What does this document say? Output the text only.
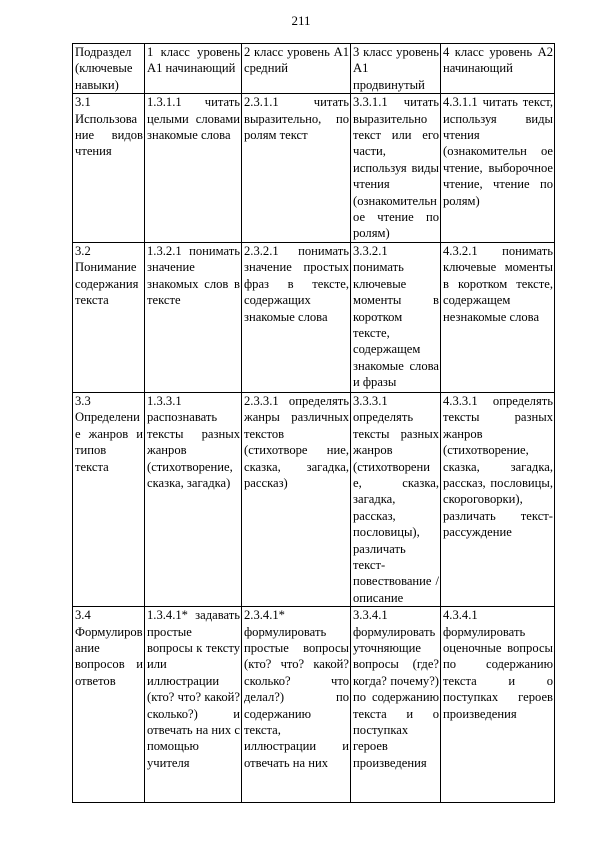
211
Подраздел (ключевые навыки)	1 класс уровень А1 начинающий	2 класс уровень А1 средний	3 класс уровень А1 продвинутый	4 класс уровень А2 начинающий
3.1 Использование видов чтения	1.3.1.1 читать целыми словами знакомые слова	2.3.1.1 читать выразительно, по ролям текст	3.3.1.1 читать выразительно текст или его части, используя виды чтения (ознакомительн ое чтение по ролям)	4.3.1.1 читать текст, используя виды чтения (ознакомительн ое чтение, выборочное чтение, чтение по ролям)
3.2 Понимание содержания текста	1.3.2.1 понимать значение знакомых слов в тексте	2.3.2.1 понимать значение простых фраз в тексте, содержащих знакомые слова	3.3.2.1 понимать ключевые моменты в коротком тексте, содержащем знакомые слова и фразы	4.3.2.1 понимать ключевые моменты в коротком тексте, содержащем незнакомые слова
3.3 Определение жанров и типов текста	1.3.3.1 распознавать тексты разных жанров (стихотворение, сказка, загадка)	2.3.3.1 определять жанры различных текстов (стихотворе ние, сказка, загадка, рассказ)	3.3.3.1 определять тексты разных жанров (стихотворени е, сказка, загадка, рассказ, пословицы), различать текст-повествование / описание	4.3.3.1 определять тексты разных жанров (стихотворение, сказка, загадка, рассказ, пословицы, скороговорки), различать текст-рассуждение
3.4 Формулирование вопросов и ответов	1.3.4.1* задавать простые вопросы к тексту или иллюстрации (кто? что? какой? сколько?) и отвечать на них с помощью учителя	2.3.4.1* формулировать простые вопросы (кто? что? какой? сколько? что делал?) по содержанию текста, иллюстрации и отвечать на них	3.3.4.1 формулировать уточняющие вопросы (где? когда? почему?) по содержанию текста и о поступках героев произведения	4.3.4.1 формулировать оценочные вопросы по содержанию текста и о поступках героев произведения
